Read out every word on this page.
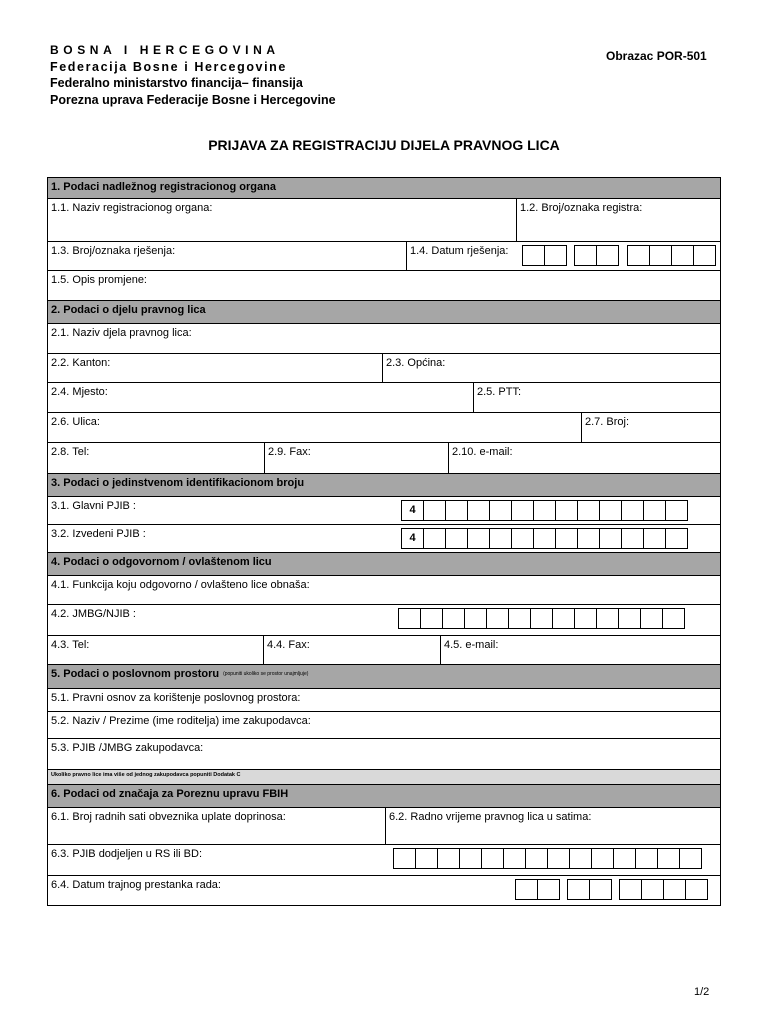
BOSNA I HERCEGOVINA
Federacija Bosne i Hercegovine
Federalno ministarstvo financija– finansija
Porezna uprava Federacije Bosne i Hercegovine
Obrazac POR-501
PRIJAVA ZA REGISTRACIJU DIJELA PRAVNOG LICA
1. Podaci nadležnog registracionog organa
1.1. Naziv registracionog organa:	1.2. Broj/oznaka registra:
1.3. Broj/oznaka rješenja:	1.4. Datum rješenja:
1.5. Opis promjene:
2. Podaci o djelu pravnog lica
2.1. Naziv djela pravnog lica:
2.2. Kanton:	2.3. Općina:
2.4. Mjesto:	2.5. PTT:
2.6. Ulica:	2.7. Broj:
2.8. Tel:	2.9. Fax:	2.10. e-mail:
3. Podaci o jedinstvenom identifikacionom broju
3.1. Glavni PJIB :	4
3.2. Izvedeni PJIB :	4
4. Podaci o odgovornom / ovlaštenom licu
4.1. Funkcija koju odgovorno / ovlašteno lice obnaša:
4.2. JMBG/NJIB :
4.3. Tel:	4.4. Fax:	4.5. e-mail:
5. Podaci o poslovnom prostoru (popuniti ukoliko se prostor unajmljuje)
5.1. Pravni osnov za korištenje poslovnog prostora:
5.2. Naziv / Prezime (ime roditelja) ime zakupodavca:
5.3. PJIB /JMBG zakupodavca:
Ukoliko pravno lice ima više od jednog zakupodavca popuniti Dodatak C
6. Podaci od značaja za Poreznu upravu FBIH
6.1. Broj radnih sati obveznika uplate doprinosa:	6.2. Radno vrijeme pravnog lica u satima:
6.3. PJIB dodjeljen u RS ili BD:
6.4. Datum trajnog prestanka rada:
1/2
